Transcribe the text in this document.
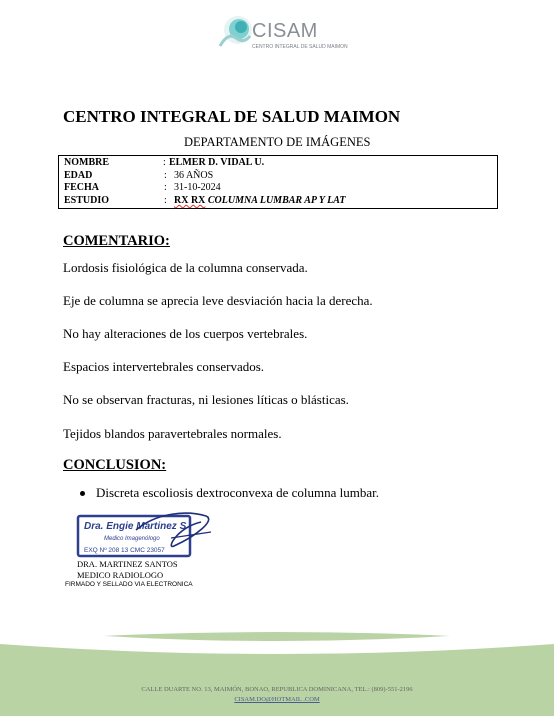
CISAM
CENTRO INTEGRAL DE SALUD MAIMON
CENTRO INTEGRAL DE SALUD MAIMON
DEPARTAMENTO DE IMÁGENES
NOMBRE	: ELMER D. VIDAL U.
EDAD	: 36 AÑOS
FECHA	: 31-10-2024
ESTUDIO	: RX RX COLUMNA LUMBAR AP Y LAT
COMENTARIO:
Lordosis fisiológica de la columna conservada.
Eje de columna se aprecia leve desviación hacia la derecha.
No hay alteraciones de los cuerpos vertebrales.
Espacios intervertebrales conservados.
No se observan fracturas, ni lesiones líticas o blásticas.
Tejidos blandos paravertebrales normales.
CONCLUSION:
Discreta escoliosis dextroconvexa de columna lumbar.
Dra. Engie Martinez S
Medico Imagenólogo
EXQ Nº 208 13 CMC 23057
DRA. MARTINEZ SANTOS
MEDICO RADIOLOGO
FIRMADO Y SELLADO VIA ELECTRONICA
CALLE DUARTE NO. 13, MAIMÓN, BONAO, REPUBLICA DOMINICANA, TEL.: (809)-551-2196
CISAM.DO@HOTMAIL .COM
